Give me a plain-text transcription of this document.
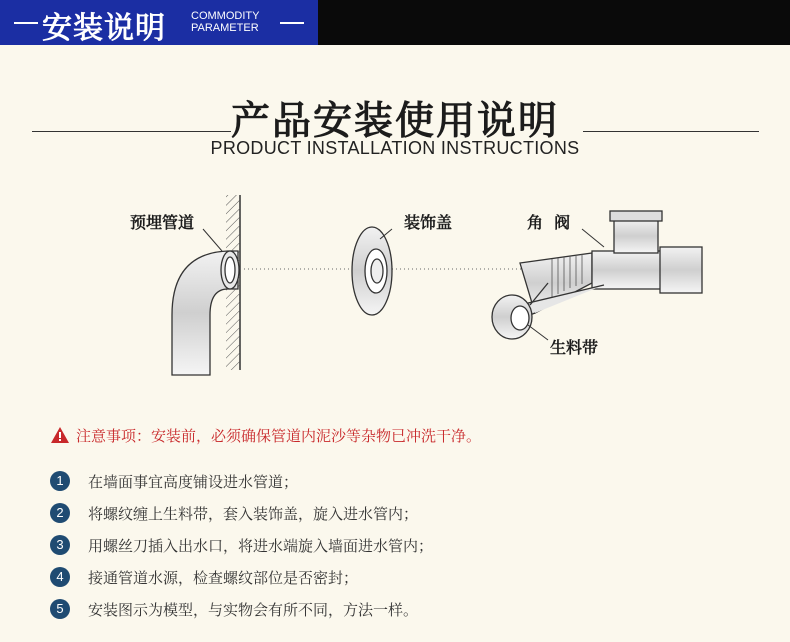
安装说明 COMMODITY
PARAMETER
产品安装使用说明
PRODUCT INSTALLATION INSTRUCTIONS
预埋管道	装饰盖	角  阀
生料带
注意事项：安装前，必须确保管道内泥沙等杂物已冲洗干净。
1	在墙面事宜高度铺设进水管道；
2	将螺纹缠上生料带，套入装饰盖，旋入进水管内；
3	用螺丝刀插入出水口，将进水端旋入墙面进水管内；
4	接通管道水源，检查螺纹部位是否密封；
5	安装图示为模型，与实物会有所不同，方法一样。
